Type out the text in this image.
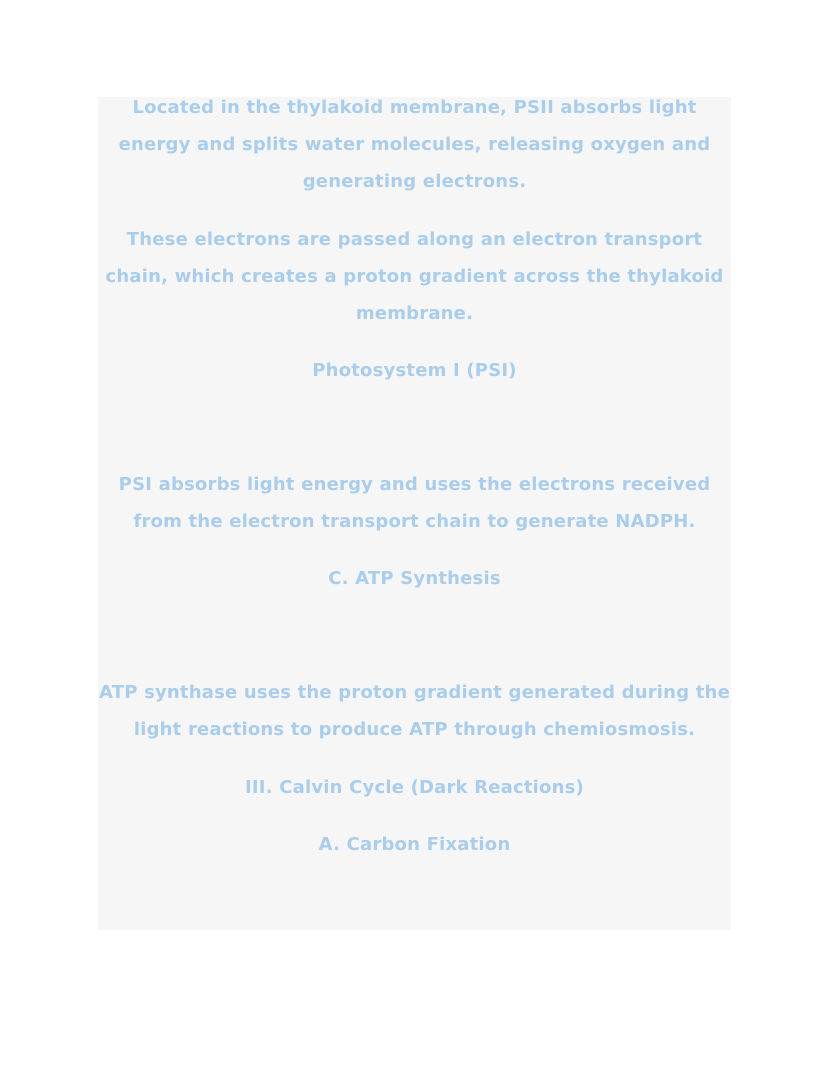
Located in the thylakoid membrane, PSII absorbs light energy and splits water molecules, releasing oxygen and generating electrons.

These electrons are passed along an electron transport chain, which creates a proton gradient across the thylakoid membrane.

Photosystem I (PSI)

PSI absorbs light energy and uses the electrons received from the electron transport chain to generate NADPH.

C. ATP Synthesis

ATP synthase uses the proton gradient generated during the light reactions to produce ATP through chemiosmosis.

III. Calvin Cycle (Dark Reactions)

A. Carbon Fixation
